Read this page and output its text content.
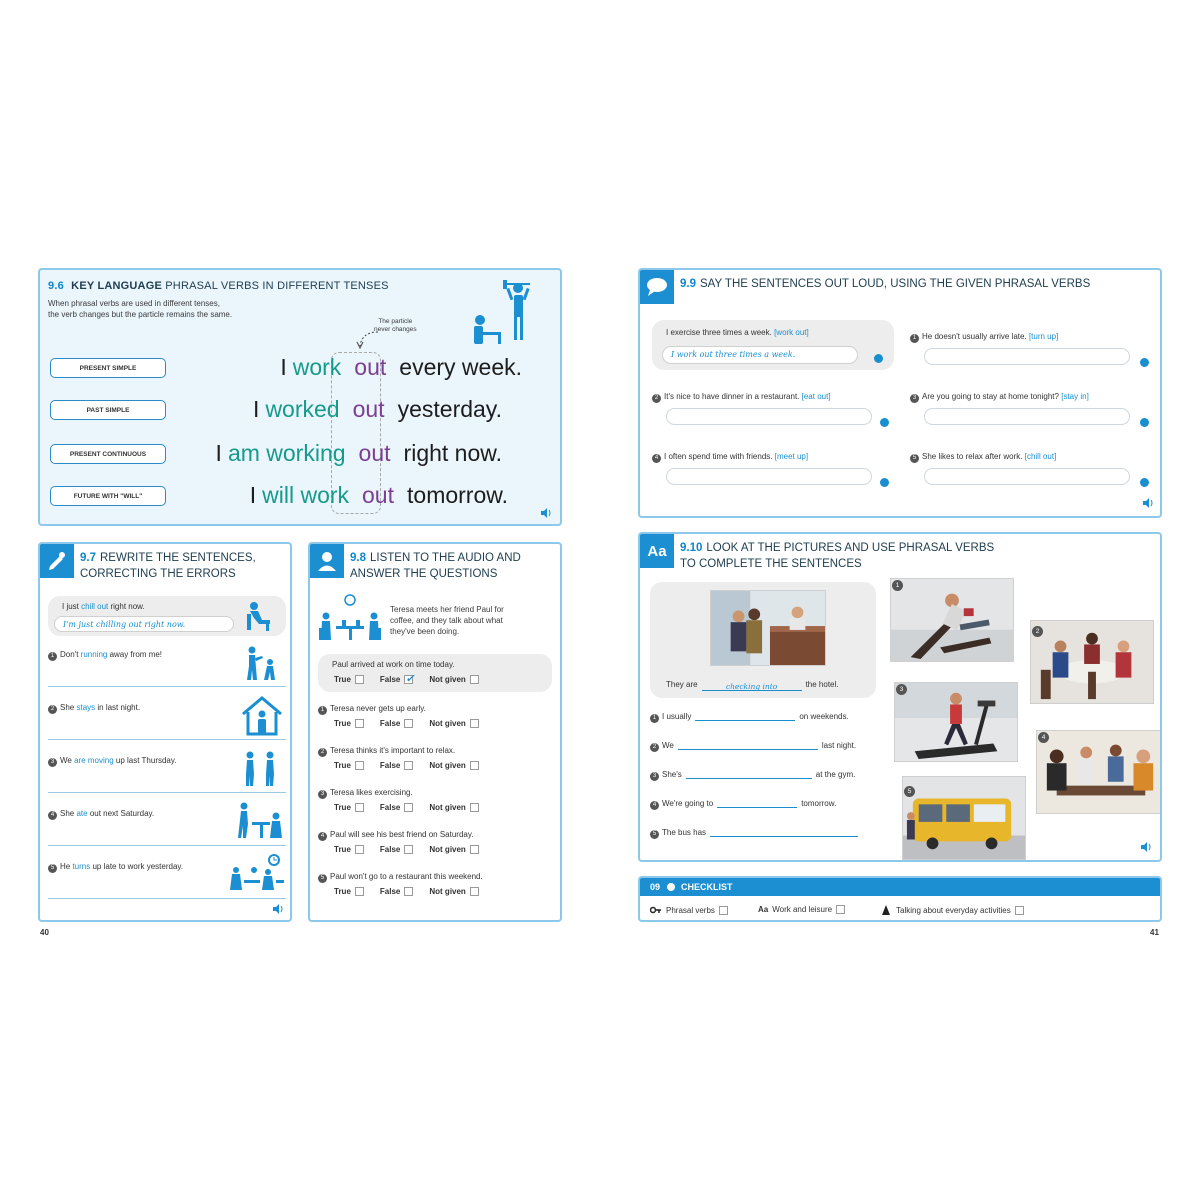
9.6 KEY LANGUAGE PHRASAL VERBS IN DIFFERENT TENSES
When phrasal verbs are used in different tenses,
the verb changes but the particle remains the same.
The particle
never changes
PRESENT SIMPLE
PAST SIMPLE
PRESENT CONTINUOUS
FUTURE WITH "WILL"
I work out every week.
I worked out yesterday.
I am working out right now.
I will work out tomorrow.
9.7 REWRITE THE SENTENCES,
CORRECTING THE ERRORS
I just chill out right now.
I'm just chilling out right now.
1 Don't running away from me!
2 She stays in last night.
3 We are moving up last Thursday.
4 She ate out next Saturday.
5 He turns up late to work yesterday.
9.8 LISTEN TO THE AUDIO AND
ANSWER THE QUESTIONS
Teresa meets her friend Paul for
coffee, and they talk about what
they've been doing.
Paul arrived at work on time today.
True	False
✓	Not given
1 Teresa never gets up early.
True	False	Not given
2 Teresa thinks it's important to relax.
True	False	Not given
3 Teresa likes exercising.
True	False	Not given
4 Paul will see his best friend on Saturday.
True	False	Not given
5 Paul won't go to a restaurant this weekend.
True	False	Not given
9.9 SAY THE SENTENCES OUT LOUD, USING THE GIVEN PHRASAL VERBS
I exercise three times a week. [work out]
I work out three times a week.
1 He doesn't usually arrive late. [turn up]
2 It's nice to have dinner in a restaurant. [eat out]	3 Are you going to stay at home tonight? [stay in]
4 I often spend time with friends. [meet up]	5 She likes to relax after work. [chill out]
Aa 9.10 LOOK AT THE PICTURES AND USE PHRASAL VERBS
TO COMPLETE THE SENTENCES
They are	checking into	the hotel.
1 I usually	on weekends.
2 We	last night.
3 She's	at the gym.
4 We're going to	tomorrow.
5 The bus has
1
2
3
4
5
09 CHECKLIST
Phrasal verbs	Aa Work and leisure	Talking about everyday activities
40	41
